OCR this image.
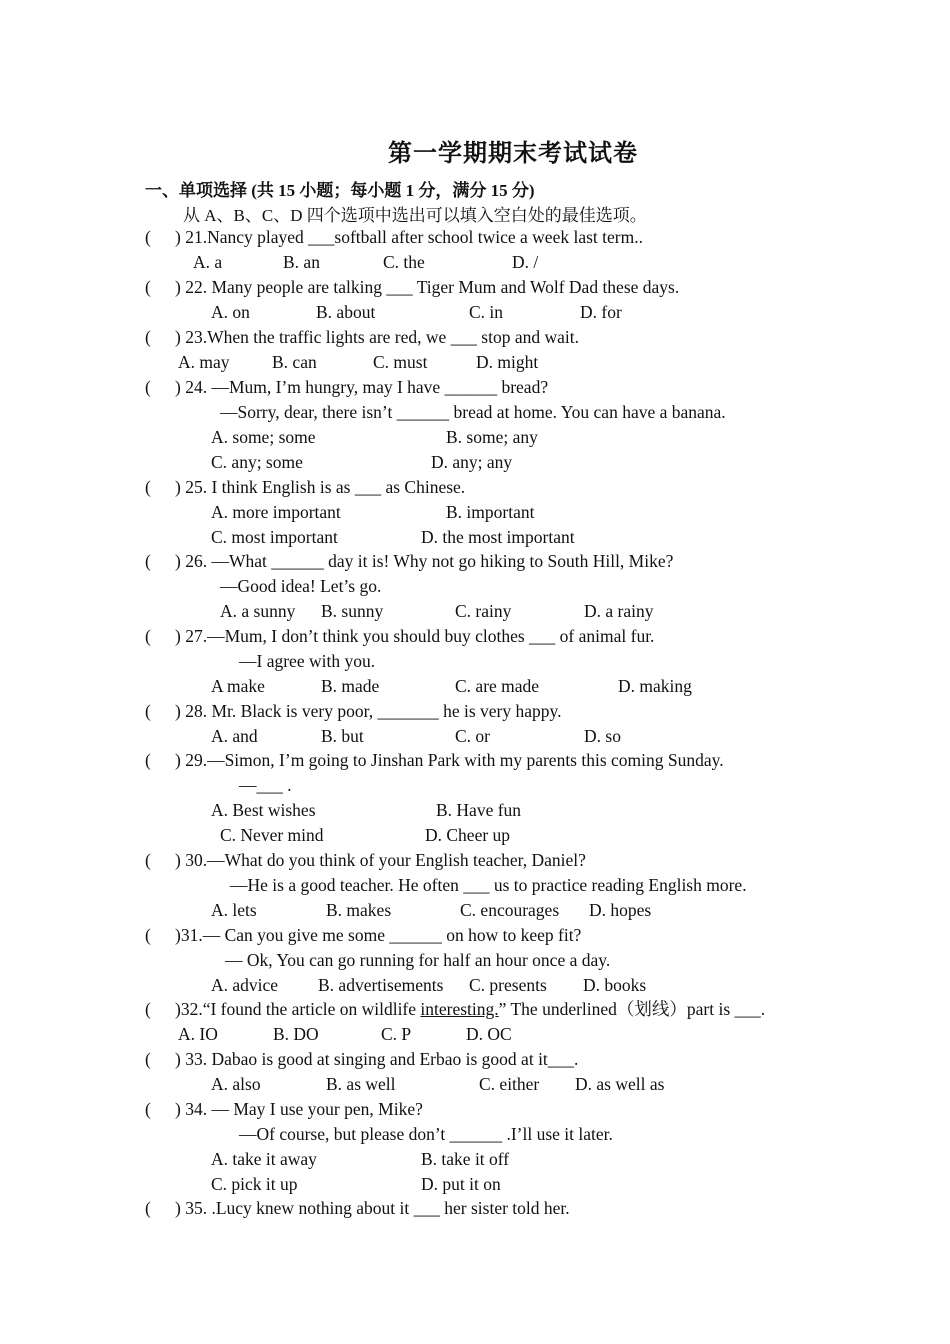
第一学期期末考试试卷
一、单项选择 (共 15 小题；每小题 1 分，满分 15 分)
从 A、B、C、D 四个选项中选出可以填入空白处的最佳选项。
( ) 21.Nancy played ___softball after school twice a week last term..
A. a	B. an	C. the	D. /
( ) 22. Many people are talking ___ Tiger Mum and Wolf Dad these days.
A. on	B. about	C. in	D. for
( ) 23.When the traffic lights are red, we ___ stop and wait.
A. may B. can	C. must	D. might
( ) 24. —Mum, I’m hungry, may I have ______ bread?
—Sorry, dear, there isn’t ______ bread at home. You can have a banana.
A. some; some	B. some; any
C. any; some	D. any; any
( ) 25. I think English is as ___ as Chinese.
A. more important	B. important
C. most important	D. the most important
( ) 26. —What ______ day it is! Why not go hiking to South Hill, Mike?
—Good idea! Let’s go.
A. a sunny B. sunny	C. rainy	D. a rainy
( ) 27.—Mum, I don’t think you should buy clothes ___ of animal fur.
—I agree with you.
A make	B. made	C. are made	D. making
( ) 28. Mr. Black is very poor, _______ he is very happy.
A. and	B. but	C. or	D. so
( ) 29.—Simon, I’m going to Jinshan Park with my parents this coming Sunday.
—___ .
A. Best wishes	B. Have fun
C. Never mind	D. Cheer up
( ) 30.—What do you think of your English teacher, Daniel?
—He is a good teacher. He often ___ us to practice reading English more.
A. lets	B. makes	C. encourages D. hopes
( )31.— Can you give me some ______ on how to keep fit?
— Ok, You can go running for half an hour once a day.
A. advice B. advertisements C. presents D. books
( )32.“I found the article on wildlife interesting.” The underlined（划线）part is ___.
A. IO	B. DO	C. P	D. OC
( ) 33. Dabao is good at singing and Erbao is good at it___.
A. also	B. as well	C. either D. as well as
( ) 34. — May I use your pen, Mike?
—Of course, but please don’t ______ .I’ll use it later.
A. take it away	B. take it off
C. pick it up	D. put it on
( ) 35. .Lucy knew nothing about it ___ her sister told her.
